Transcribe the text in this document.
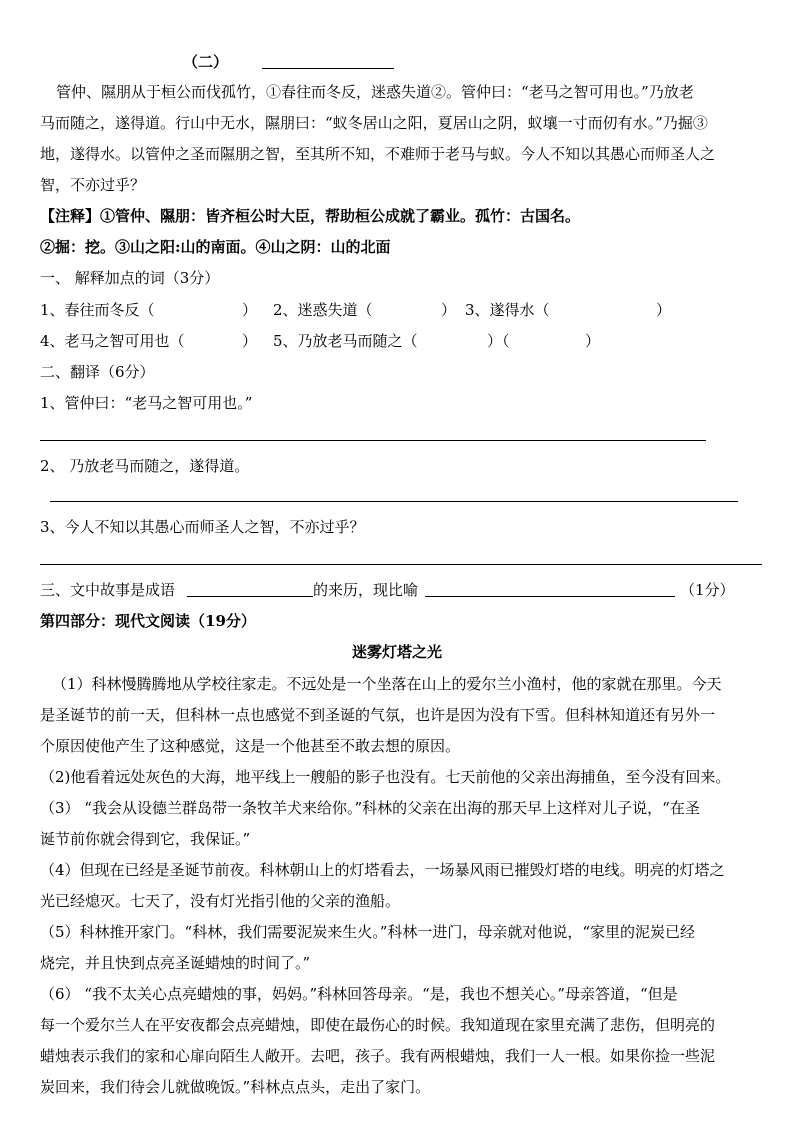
（二）
管仲、隰朋从于桓公而伐孤竹，①春往而冬反，迷惑失道②。管仲曰：“老马之智可用也。”乃放老
马而随之，遂得道。行山中无水，隰朋曰：“蚁冬居山之阳，夏居山之阴，蚁壤一寸而仞有水。”乃掘③
地，遂得水。以管仲之圣而隰朋之智，至其所不知，不难师于老马与蚁。今人不知以其愚心而师圣人之
智，不亦过乎？
【注释】①管仲、隰朋：皆齐桓公时大臣，帮助桓公成就了霸业。孤竹：古国名。
②掘：挖。③山之阳:山的南面。④山之阴：山的北面
一、 解释加点的词（3分）
1、春往而冬反（	） 2、迷惑失道（	） 3、遂得水（	）
4、老马之智可用也（	） 5、乃放老马而随之（	）（	）
二、翻译（6分）
1、管仲曰：“老马之智可用也。”
2、 乃放老马而随之，遂得道。
3、今人不知以其愚心而师圣人之智，不亦过乎？
三、文中故事是成语	的来历，现比喻	（1分）
第四部分：现代文阅读（19分）
迷雾灯塔之光
（1）科林慢腾腾地从学校往家走。不远处是一个坐落在山上的爱尔兰小渔村，他的家就在那里。今天
是圣诞节的前一天，但科林一点也感觉不到圣诞的气氛，也许是因为没有下雪。但科林知道还有另外一
个原因使他产生了这种感觉，这是一个他甚至不敢去想的原因。
（2)他看着远处灰色的大海，地平线上一艘船的影子也没有。七天前他的父亲出海捕鱼，至今没有回来。
（3） “我会从设德兰群岛带一条牧羊犬来给你。”科林的父亲在出海的那天早上这样对儿子说，“在圣
诞节前你就会得到它，我保证。”
（4）但现在已经是圣诞节前夜。科林朝山上的灯塔看去，一场暴风雨已摧毁灯塔的电线。明亮的灯塔之
光已经熄灭。七天了，没有灯光指引他的父亲的渔船。
（5）科林推开家门。“科林，我们需要泥炭来生火。”科林一进门，母亲就对他说，“家里的泥炭已经
烧完，并且快到点亮圣诞蜡烛的时间了。”
（6） “我不太关心点亮蜡烛的事，妈妈。”科林回答母亲。“是，我也不想关心。”母亲答道，“但是
每一个爱尔兰人在平安夜都会点亮蜡烛，即使在最伤心的时候。我知道现在家里充满了悲伤，但明亮的
蜡烛表示我们的家和心扉向陌生人敞开。去吧，孩子。我有两根蜡烛，我们一人一根。如果你捡一些泥
炭回来，我们待会儿就做晚饭。”科林点点头，走出了家门。
